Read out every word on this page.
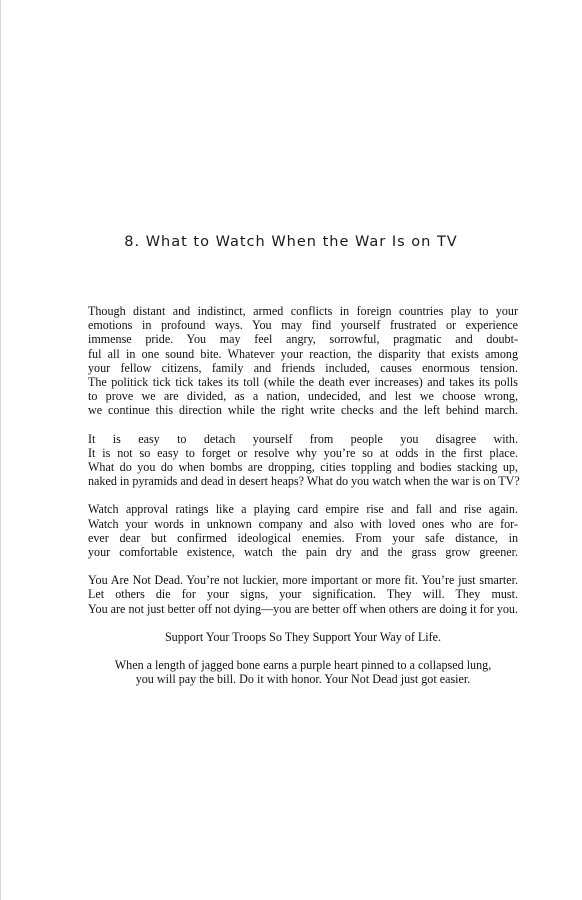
8. What to Watch When the War Is on TV

Though distant and indistinct, armed conflicts in foreign countries play to your
emotions in profound ways. You may find yourself frustrated or experience
immense pride. You may feel angry, sorrowful, pragmatic and doubt-
ful all in one sound bite. Whatever your reaction, the disparity that exists among
your fellow citizens, family and friends included, causes enormous tension.
The politick tick tick takes its toll (while the death ever increases) and takes its polls
to prove we are divided, as a nation, undecided, and lest we choose wrong,
we continue this direction while the right write checks and the left behind march.

It is easy to detach yourself from people you disagree with.
It is not so easy to forget or resolve why you’re so at odds in the first place.
What do you do when bombs are dropping, cities toppling and bodies stacking up,
naked in pyramids and dead in desert heaps? What do you watch when the war is on TV?

Watch approval ratings like a playing card empire rise and fall and rise again.
Watch your words in unknown company and also with loved ones who are for-
ever dear but confirmed ideological enemies. From your safe distance, in
your comfortable existence, watch the pain dry and the grass grow greener.

You Are Not Dead. You’re not luckier, more important or more fit. You’re just smarter.
Let others die for your signs, your signification. They will. They must.
You are not just better off not dying—you are better off when others are doing it for you.

Support Your Troops So They Support Your Way of Life.

When a length of jagged bone earns a purple heart pinned to a collapsed lung,
you will pay the bill. Do it with honor. Your Not Dead just got easier.
